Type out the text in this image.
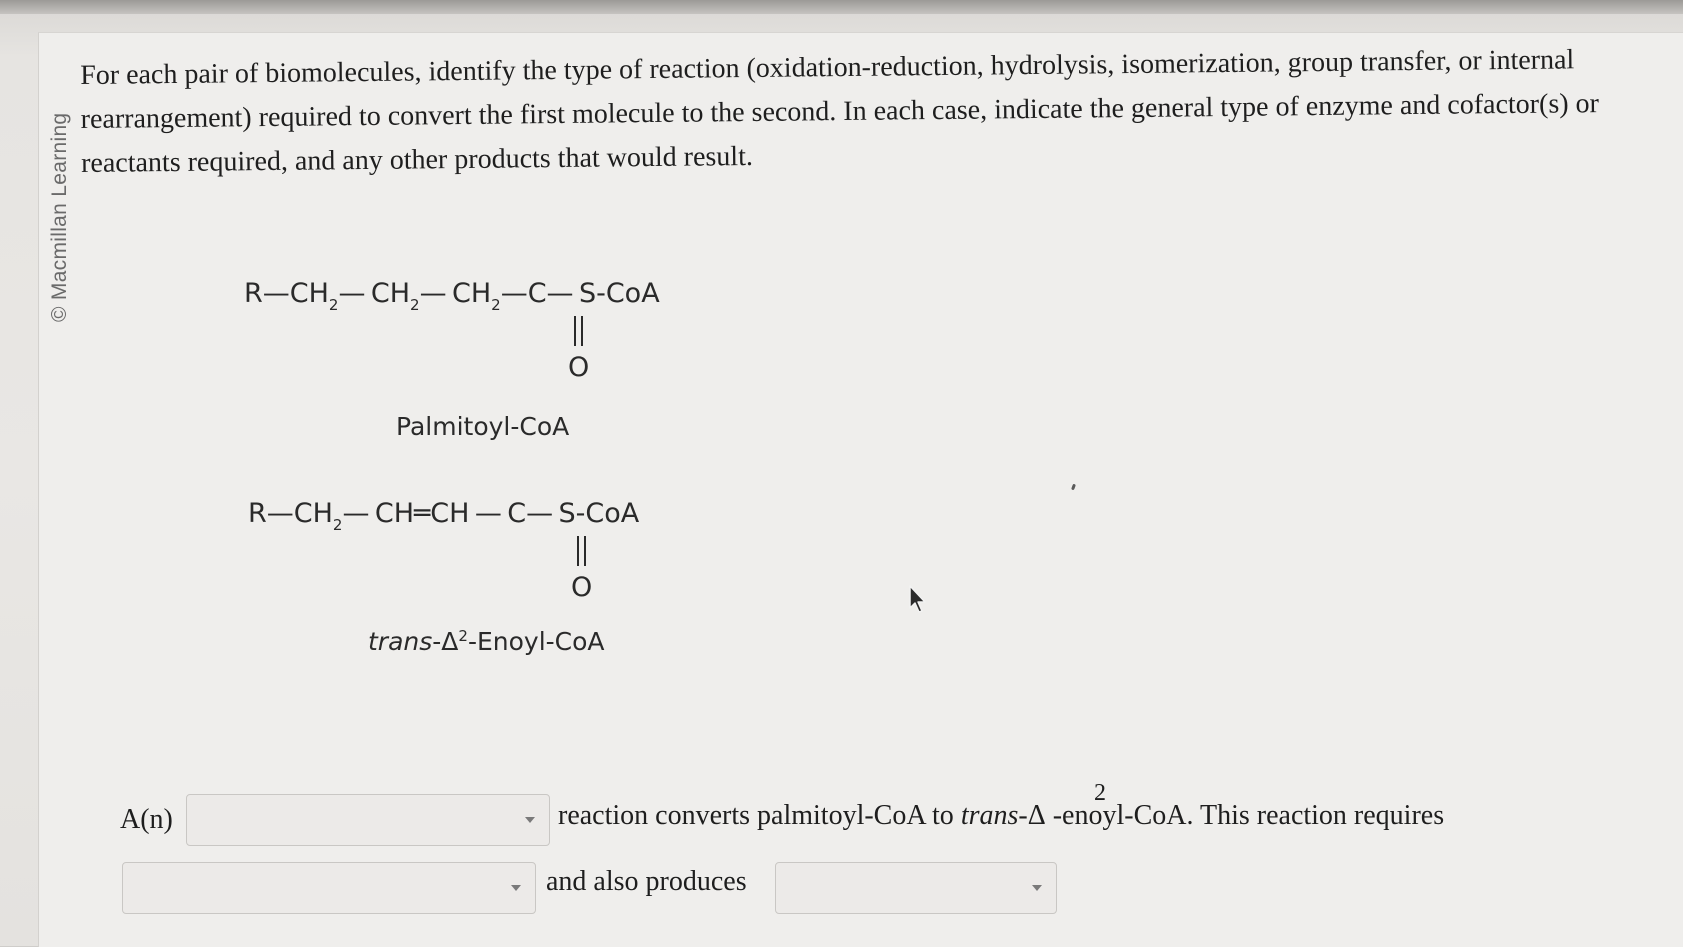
© Macmillan Learning
For each pair of biomolecules, identify the type of reaction (oxidation-reduction, hydrolysis, isomerization, group transfer, or internal rearrangement) required to convert the first molecule to the second. In each case, indicate the general type of enzyme and cofactor(s) or reactants required, and any other products that would result.
$R—CH_2—$ $CH_2—$ $CH_2—C—$ S-CoA
O
Palmitoyl-CoA
$R—CH_2—$ CH═CH — C— S-CoA
O
trans-$\Delta^2-Enoyl$-CoA
A(n)	reaction converts palmitoyl-CoA to trans-Δ -enoyl-CoA. This reaction requires
2
and also produces
